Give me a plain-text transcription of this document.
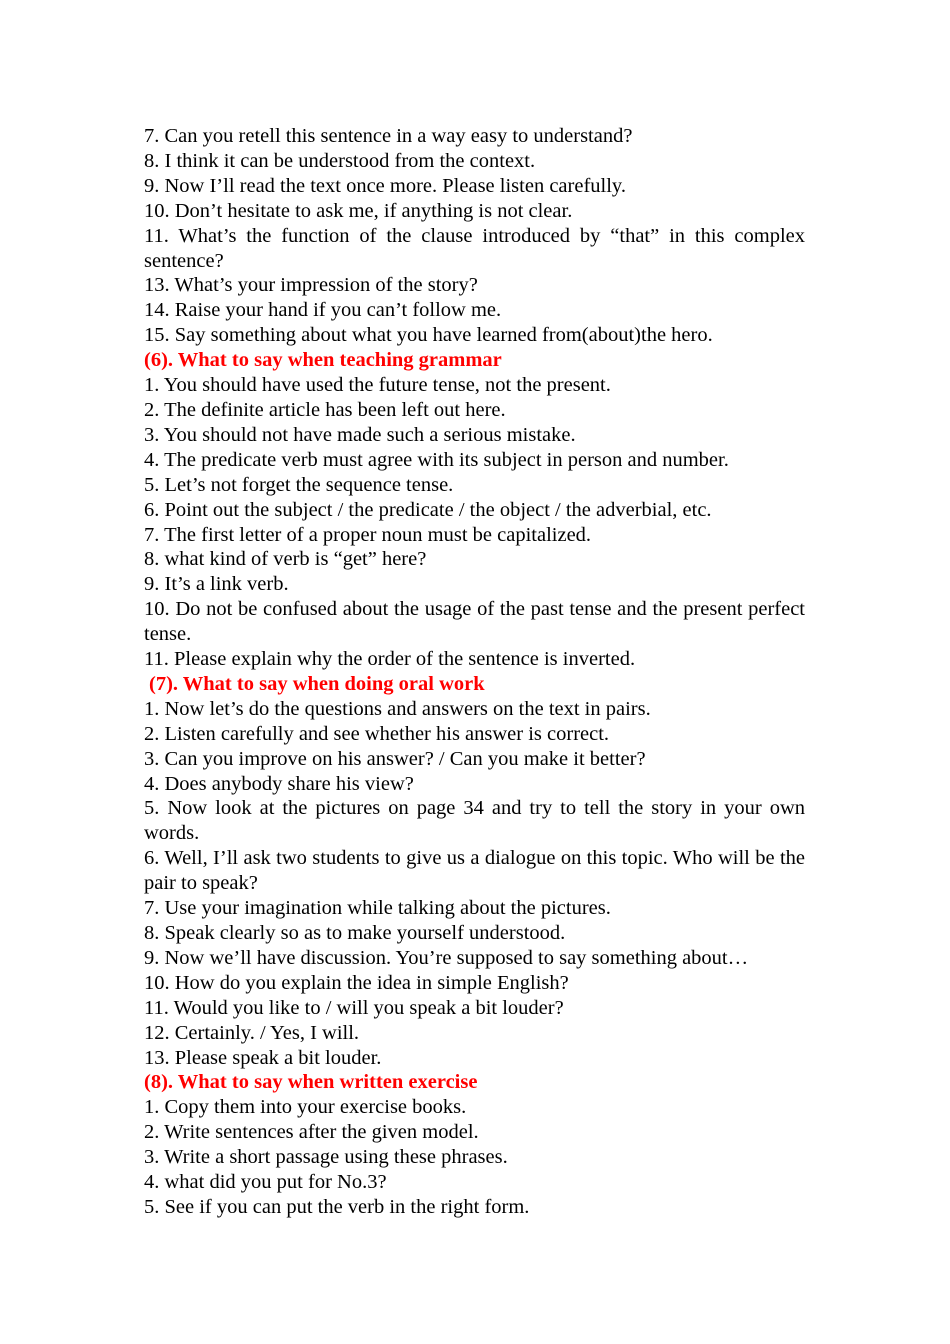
7. Can you retell this sentence in a way easy to understand?
8. I think it can be understood from the context.
9. Now I’ll read the text once more. Please listen carefully.
10. Don’t hesitate to ask me, if anything is not clear.
11. What’s the function of the clause introduced by “that” in this complex sentence?
13. What’s your impression of the story?
14. Raise your hand if you can’t follow me.
15. Say something about what you have learned from(about)the hero.
(6). What to say when teaching grammar
1. You should have used the future tense, not the present.
2. The definite article has been left out here.
3. You should not have made such a serious mistake.
4. The predicate verb must agree with its subject in person and number.
5. Let’s not forget the sequence tense.
6. Point out the subject / the predicate / the object / the adverbial, etc.
7. The first letter of a proper noun must be capitalized.
8. what kind of verb is “get” here?
9. It’s a link verb.
10. Do not be confused about the usage of the past tense and the present perfect tense.
11. Please explain why the order of the sentence is inverted.
(7). What to say when doing oral work
1. Now let’s do the questions and answers on the text in pairs.
2. Listen carefully and see whether his answer is correct.
3. Can you improve on his answer? / Can you make it better?
4. Does anybody share his view?
5. Now look at the pictures on page 34 and try to tell the story in your own words.
6. Well, I’ll ask two students to give us a dialogue on this topic. Who will be the pair to speak?
7. Use your imagination while talking about the pictures.
8. Speak clearly so as to make yourself understood.
9. Now we’ll have discussion. You’re supposed to say something about…
10. How do you explain the idea in simple English?
11. Would you like to / will you speak a bit louder?
12. Certainly. / Yes, I will.
13. Please speak a bit louder.
(8). What to say when written exercise
1. Copy them into your exercise books.
2. Write sentences after the given model.
3. Write a short passage using these phrases.
4. what did you put for No.3?
5. See if you can put the verb in the right form.
